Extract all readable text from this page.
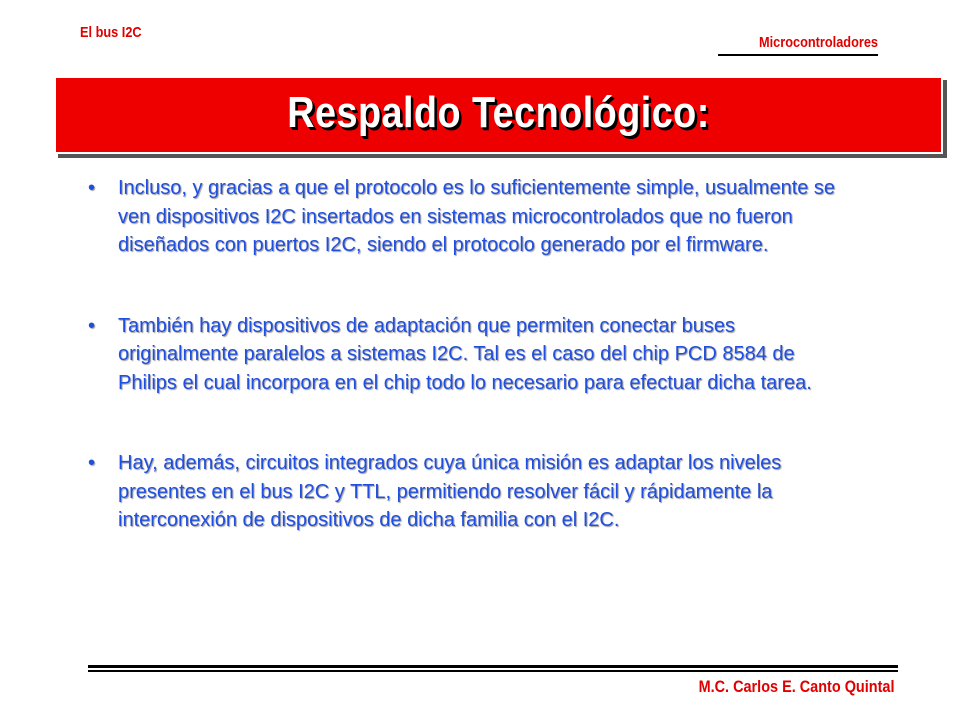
El bus I2C
Microcontroladores
Respaldo Tecnológico:
• Incluso, y gracias a que el protocolo es lo suficientemente simple, usualmente se ven dispositivos I2C insertados en sistemas microcontrolados que no fueron diseñados con puertos I2C, siendo el protocolo generado por el firmware.
• También hay dispositivos de adaptación que permiten conectar buses originalmente paralelos a sistemas I2C. Tal es el caso del chip PCD 8584 de Philips el cual incorpora en el chip todo lo necesario para efectuar dicha tarea.
• Hay, además, circuitos integrados cuya única misión es adaptar los niveles presentes en el bus I2C y TTL, permitiendo resolver fácil y rápidamente la interconexión de dispositivos de dicha familia con el I2C.
M.C. Carlos E. Canto Quintal
